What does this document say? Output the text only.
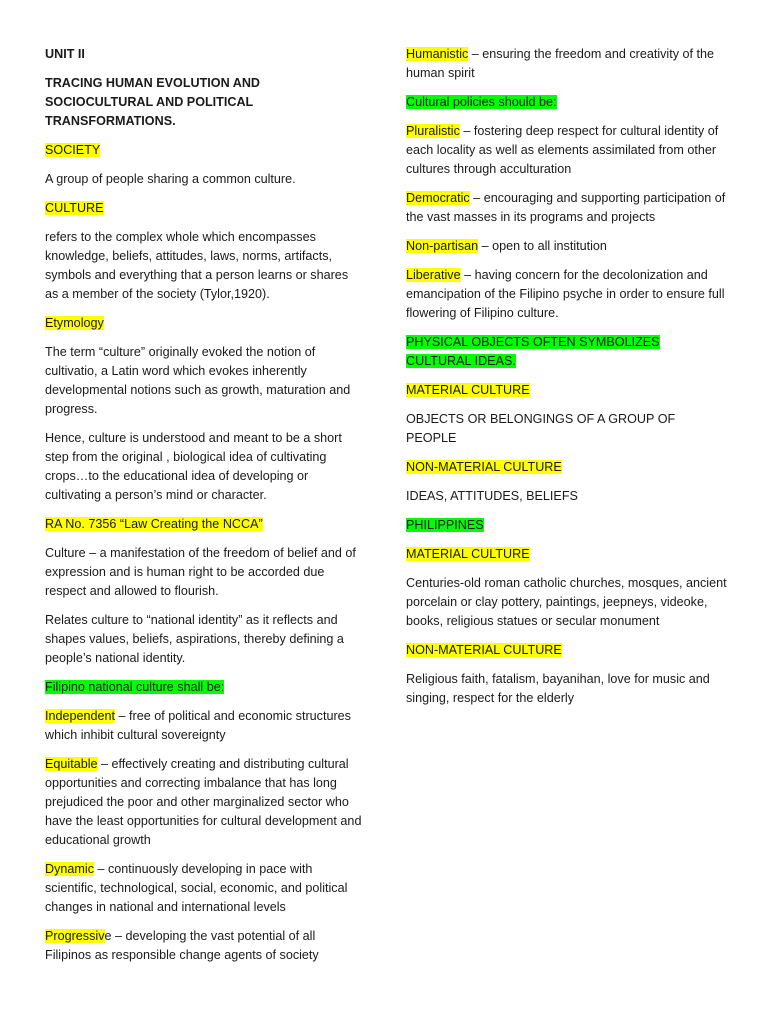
UNIT II

TRACING HUMAN EVOLUTION AND SOCIOCULTURAL AND POLITICAL TRANSFORMATIONS.

SOCIETY

A group of people sharing a common culture.

CULTURE

refers to the complex whole which encompasses knowledge, beliefs, attitudes, laws, norms, artifacts, symbols and everything that a person learns or shares as a member of the society (Tylor,1920).

Etymology

The term “culture” originally evoked the notion of cultivatio, a Latin word which evokes inherently developmental notions such as growth, maturation and progress.

Hence, culture is understood and meant to be a short step from the original , biological idea of cultivating crops…to the educational idea of developing or cultivating a person’s mind or character.

RA No. 7356 “Law Creating the NCCA”

Culture – a manifestation of the freedom of belief and of expression and is human right to be accorded due respect and allowed to flourish.

Relates culture to “national identity” as it reflects and shapes values, beliefs, aspirations, thereby defining a people’s national identity.

Filipino national culture shall be:

Independent – free of political and economic structures which inhibit cultural sovereignty

Equitable – effectively creating and distributing cultural opportunities and correcting imbalance that has long prejudiced the poor and other marginalized sector who have the least opportunities for cultural development and educational growth

Dynamic – continuously developing in pace with scientific, technological, social, economic, and political changes in national and international levels

Progressive – developing the vast potential of all Filipinos as responsible change agents of society

Humanistic – ensuring the freedom and creativity of the human spirit

Cultural policies should be:

Pluralistic – fostering deep respect for cultural identity of each locality as well as elements assimilated from other cultures through acculturation

Democratic – encouraging and supporting participation of the vast masses in its programs and projects

Non-partisan – open to all institution

Liberative – having concern for the decolonization and emancipation of the Filipino psyche in order to ensure full flowering of Filipino culture.

PHYSICAL OBJECTS OFTEN SYMBOLIZES CULTURAL IDEAS.

MATERIAL CULTURE

OBJECTS OR BELONGINGS OF A GROUP OF PEOPLE

NON-MATERIAL CULTURE

IDEAS, ATTITUDES, BELIEFS

PHILIPPINES

MATERIAL CULTURE

Centuries-old roman catholic churches, mosques, ancient porcelain or clay pottery, paintings, jeepneys, videoke, books, religious statues or secular monument

NON-MATERIAL CULTURE

Religious faith, fatalism, bayanihan, love for music and singing, respect for the elderly
